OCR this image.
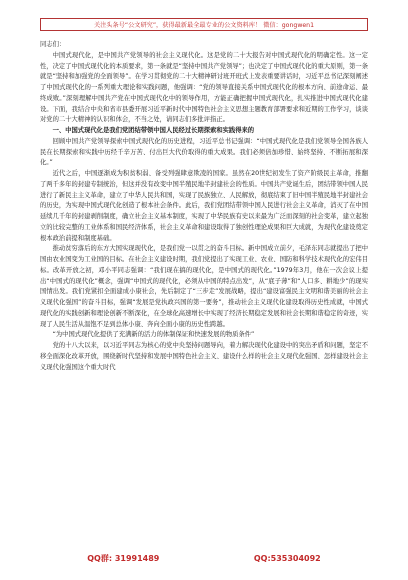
关注头条号“公文研究”，获得最新最全最专业的公文资料库！ 微信：gongwen1

同志们：

中国式现代化，是中国共产党领导的社会主义现代化。这是党的二十大报告对中国式现代化的明确定性。这一定性，决定了中国式现代化的本质要求，第一条就是“坚持中国共产党领导”；也决定了中国式现代化的重大原则，第一条就是“坚持和加强党的全面领导”。在学习贯彻党的二十大精神研讨班开班式上发表重要讲话时，习近平总书记深刻阐述了中国式现代化的一系列重大理论和实践问题，他强调：“党的领导直接关系中国式现代化的根本方向、前途命运、最终成败。”深刻理解中国共产党在中国式现代化中的领导作用，方能正确把握中国式现代化，扎实推进中国式现代化建设。下面，我结合中央和省市县委开展习近平新时代中国特色社会主义思想主题教育部署要求和近期的工作学习，谈谈对党的二十大精神的认识和体会，不当之处，请同志们多批评指正。

一、中国式现代化是我们党团结带领中国人民经过长期探索和实践得来的

回顾中国共产党领导探索中国式现代化的历史进程，习近平总书记强调：“中国式现代化是我们党领导全国各族人民在长期探索和实践中历经千辛万苦、付出巨大代价取得的重大成果。我们必须倍加珍惜、始终坚持、不断拓展和深化。”

近代之后，中国逐渐成为积贫积弱、备受列强肆意欺凌的国家。虽然在20世纪初发生了资产阶级民主革命，推翻了两千多年的封建专制统治，但这并没有改变中国半殖民地半封建社会的性质。中国共产党诞生后，团结带领中国人民进行了新民主主义革命，建立了中华人民共和国，实现了民族独立、人民解放，彻底结束了旧中国半殖民地半封建社会的历史，为实现中国式现代化创造了根本社会条件。此后，我们党团结带领中国人民进行社会主义革命，消灭了在中国延续几千年的封建剥削制度，确立社会主义基本制度，实现了中华民族有史以来最为广泛而深刻的社会变革，建立起独立的比较完整的工业体系和国民经济体系，社会主义革命和建设取得了独创性理论成果和巨大成就，为现代化建设奠定根本政治前提和制度基础。

推动贫穷落后的东方大国实现现代化，是我们党一以贯之的奋斗目标。新中国成立前夕，毛泽东同志就提出了把中国由农业国变为工业国的目标。在社会主义建设时期，我们党提出了实现工业、农业、国防和科学技术现代化的宏伟目标。改革开放之初，邓小平同志强调：“我们现在搞的现代化，是中国式的现代化。”1979年3月，他在一次会议上提出“中国式的现代化”概念，强调“中国式的现代化，必须从中国的特点出发”，从“底子薄”和“人口多、耕地少”的现实国情出发。我们党紧扣全面建成小康社会，先后制定了“三步走”发展战略，提出“建设富强民主文明和谐美丽的社会主义现代化强国”的奋斗目标，强调“发展是党执政兴国的第一要务”，推动社会主义现代化建设取得历史性成就，中国式现代化的实践创新和理论创新不断深化，在全球化高速增长中实现了经济长期稳定发展和社会长期和谐稳定的奇迹，实现了人民生活从温饱不足到总体小康、奔向全面小康的历史性跨越。

“为中国式现代化提供了充满新的活力的体制保证和快速发展的物质条件”

党的十八大以来，以习近平同志为核心的党中央坚持问题导向，着力解决现代化建设中的突出矛盾和问题，坚定不移全面深化改革开放，围绕新时代坚持和发展中国特色社会主义、建设什么样的社会主义现代化强国、怎样建设社会主义现代化强国这个重大时代

QQ群: 31991489	QQ:535304092
